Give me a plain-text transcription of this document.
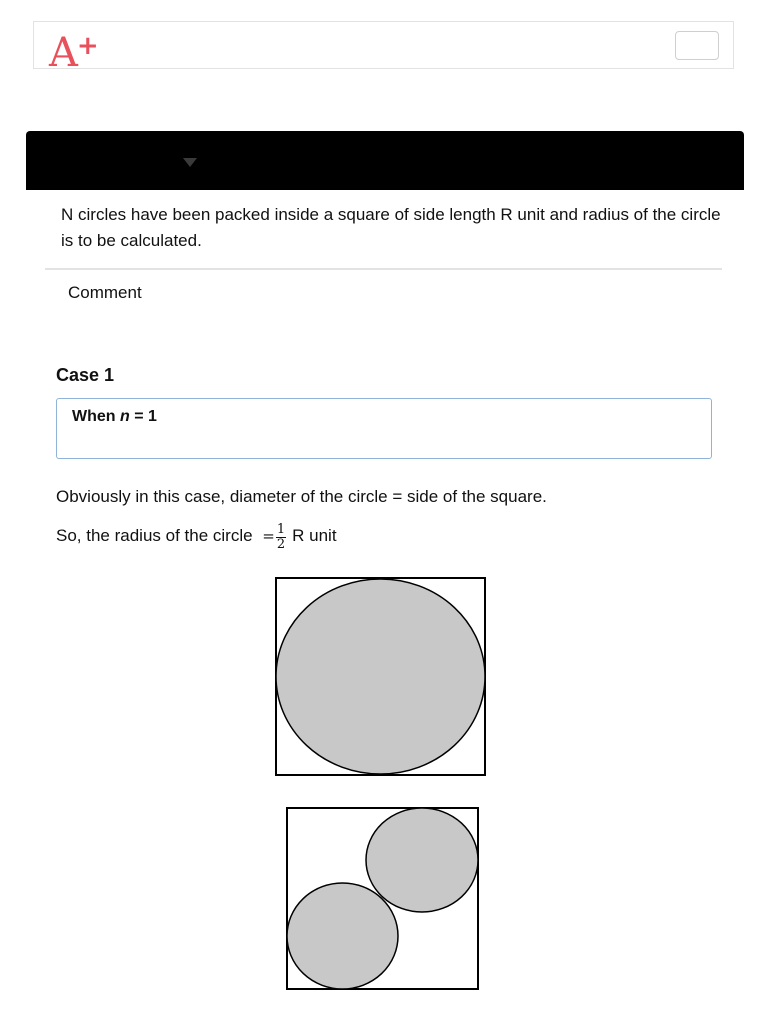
A+
N circles have been packed inside a square of side length R unit and radius of the circle is to be calculated.
Comment
Case 1
When n = 1
Obviously in this case, diameter of the circle = side of the square.
So, the radius of the circle = $\frac{1}{2}$ R unit
